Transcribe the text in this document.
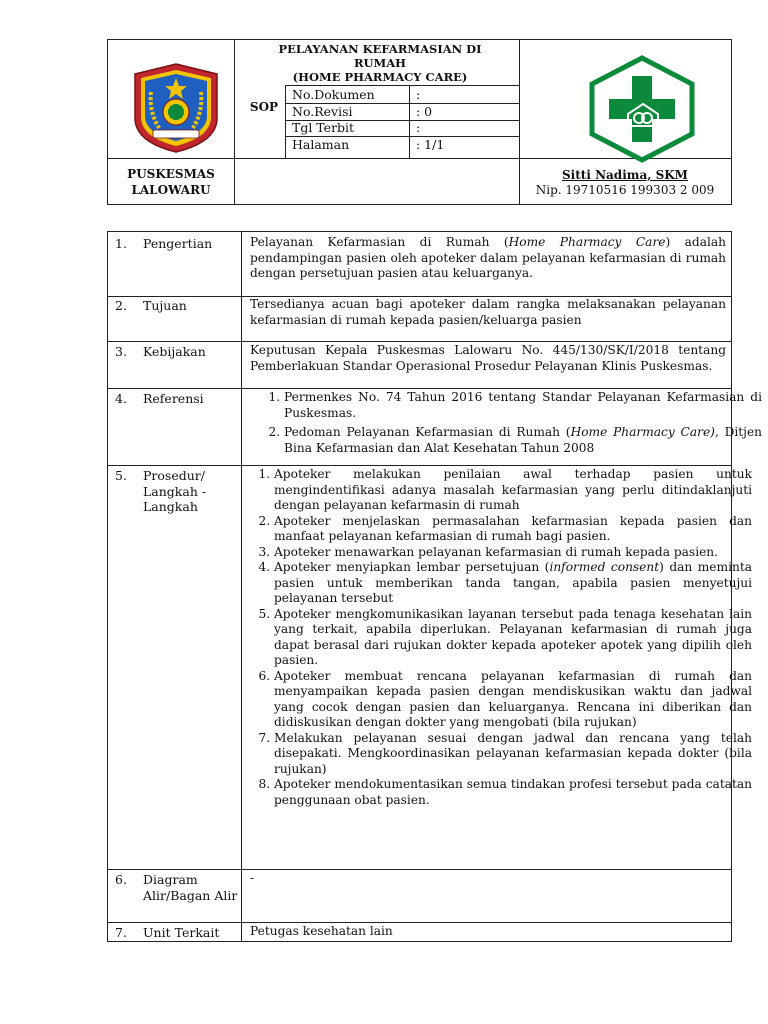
PELAYANAN KEFARMASIAN DI
RUMAH
(HOME PHARMACY CARE)
SOP
No.Dokumen	:
No.Revisi	: 0
Tgl Terbit	:
Halaman	: 1/1
PUSKESMAS
LALOWARU
Sitti Nadima, SKM
Nip. 19710516 199303 2 009
1. Pengertian	Pelayanan Kefarmasian di Rumah (Home Pharmacy Care) adalah pendampingan pasien oleh apoteker dalam pelayanan kefarmasian di rumah dengan persetujuan pasien atau keluarganya.
2. Tujuan	Tersedianya acuan bagi apoteker dalam rangka melaksanakan pelayanan kefarmasian di rumah kepada pasien/keluarga pasien
3. Kebijakan	Keputusan Kepala Puskesmas Lalowaru No. 445/130/SK/I/2018 tentang Pemberlakuan Standar Operasional Prosedur Pelayanan Klinis Puskesmas.
4. Referensi
1.	Permenkes No. 74 Tahun 2016 tentang Standar Pelayanan Kefarmasian di Puskesmas.
2. Pedoman Pelayanan Kefarmasian di Rumah (Home Pharmacy Care), Ditjen Bina Kefarmasian dan Alat Kesehatan Tahun 2008
5. Prosedur/ Langkah - Langkah
1. Apoteker melakukan penilaian awal terhadap pasien untuk mengindentifikasi adanya masalah kefarmasian yang perlu ditindaklanjuti dengan pelayanan kefarmasin di rumah
2. Apoteker menjelaskan permasalahan kefarmasian kepada pasien dan manfaat pelayanan kefarmasian di rumah bagi pasien.
3. Apoteker menawarkan pelayanan kefarmasian di rumah kepada pasien.
4. Apoteker menyiapkan lembar persetujuan (informed consent) dan meminta pasien untuk memberikan tanda tangan, apabila pasien menyetujui pelayanan tersebut
5. Apoteker mengkomunikasikan layanan tersebut pada tenaga kesehatan lain yang terkait, apabila diperlukan. Pelayanan kefarmasian di rumah juga dapat berasal dari rujukan dokter kepada apoteker apotek yang dipilih oleh pasien.
6. Apoteker membuat rencana pelayanan kefarmasian di rumah dan menyampaikan kepada pasien dengan mendiskusikan waktu dan jadwal yang cocok dengan pasien dan keluarganya. Rencana ini diberikan dan didiskusikan dengan dokter yang mengobati (bila rujukan)
7. Melakukan pelayanan sesuai dengan jadwal dan rencana yang telah disepakati. Mengkoordinasikan pelayanan kefarmasian kepada dokter (bila rujukan)
8. Apoteker mendokumentasikan semua tindakan profesi tersebut pada catatan penggunaan obat pasien.
6. Diagram Alir/Bagan Alir
-
7. Unit Terkait	Petugas kesehatan lain
